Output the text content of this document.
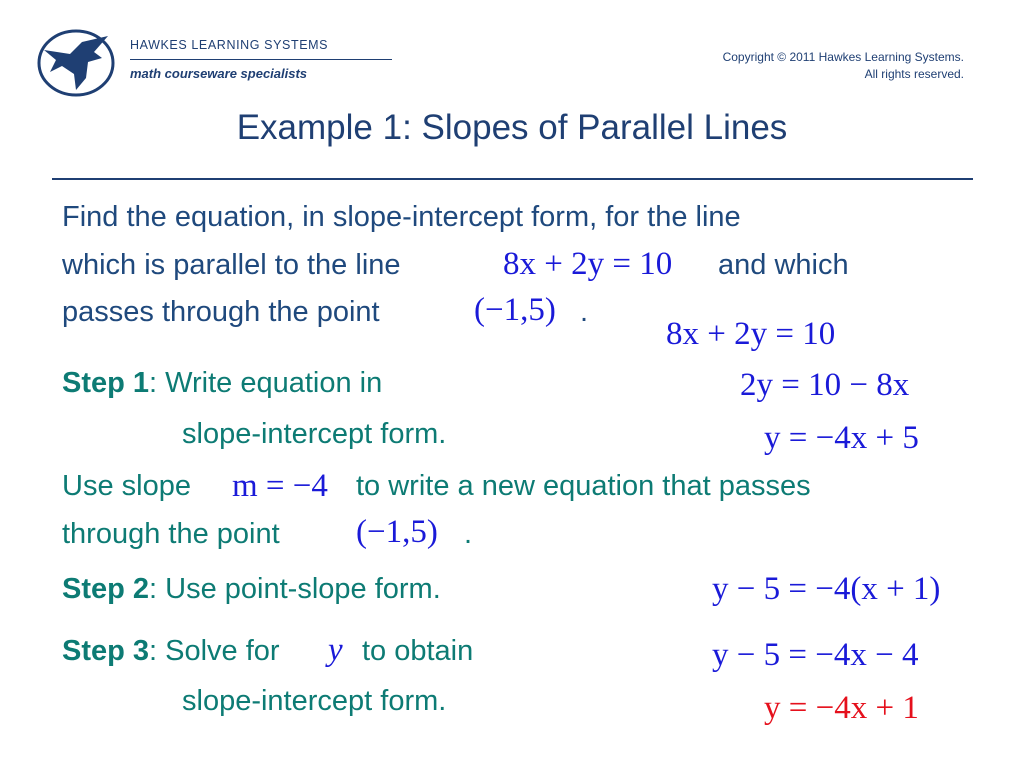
HAWKES LEARNING SYSTEMS
math courseware specialists
Copyright © 2011 Hawkes Learning Systems.
All rights reserved.
Example 1: Slopes of Parallel Lines
Find the equation, in slope-intercept form, for the line
which is parallel to the line	8x + 2y = 10 and which
passes through the point	(−1,5) .
Step 1: Write equation in
slope-intercept form.
8x + 2y = 10
2y = 10 − 8x
y = −4x + 5
Use slope m = −4 to write a new equation that passes
through the point (−1,5) .
Step 2: Use point-slope form.	y − 5 = −4(x + 1)
Step 3: Solve for y to obtain
slope-intercept form.
y − 5 = −4x − 4
y = −4x + 1
